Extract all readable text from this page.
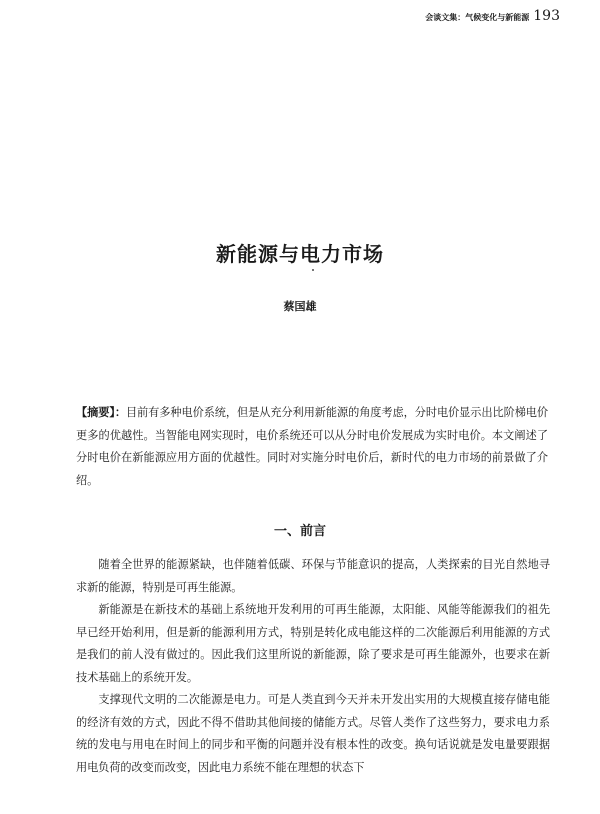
会谈文集：气候变化与新能源 193
新能源与电力市场
蔡国雄
【摘要】：目前有多种电价系统，但是从充分利用新能源的角度考虑，分时电价显示出比阶梯电价更多的优越性。当智能电网实现时，电价系统还可以从分时电价发展成为实时电价。本文阐述了分时电价在新能源应用方面的优越性。同时对实施分时电价后，新时代的电力市场的前景做了介绍。
一、前言

随着全世界的能源紧缺，也伴随着低碳、环保与节能意识的提高，人类探索的目光自然地寻求新的能源，特别是可再生能源。

新能源是在新技术的基础上系统地开发利用的可再生能源，太阳能、风能等能源我们的祖先早已经开始利用，但是新的能源利用方式，特别是转化成电能这样的二次能源后利用能源的方式是我们的前人没有做过的。因此我们这里所说的新能源，除了要求是可再生能源外，也要求在新技术基础上的系统开发。

支撑现代文明的二次能源是电力。可是人类直到今天并未开发出实用的大规模直接存储电能的经济有效的方式，因此不得不借助其他间接的储能方式。尽管人类作了这些努力，要求电力系统的发电与用电在时间上的同步和平衡的问题并没有根本性的改变。换句话说就是发电量要跟据用电负荷的改变而改变，因此电力系统不能在理想的状态下
